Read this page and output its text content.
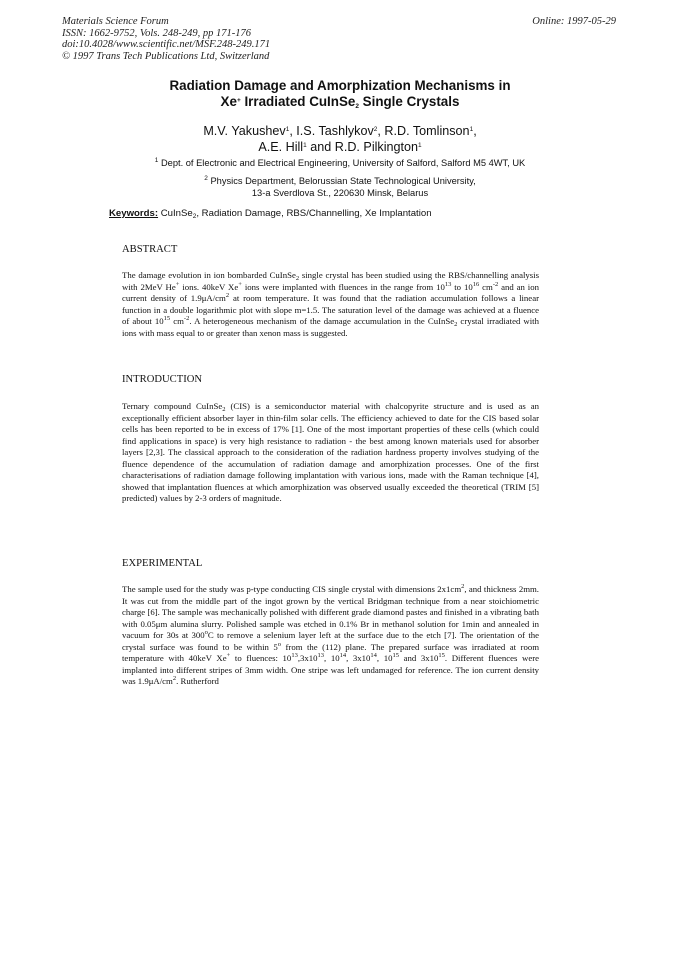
Materials Science Forum
ISSN: 1662-9752, Vols. 248-249, pp 171-176
doi:10.4028/www.scientific.net/MSF.248-249.171
© 1997 Trans Tech Publications Ltd, Switzerland
Online: 1997-05-29
Radiation Damage and Amorphization Mechanisms in
Xe+ Irradiated CuInSe$_2$ Single Crystals
M.V. Yakushev$^1$, I.S. Tashlykov$^2$, R.D. Tomlinson$^1$,
A.E. Hill$^1$ and R.D. Pilkington$^1$
$^1$ Dept. of Electronic and Electrical Engineering, University of Salford, Salford M5 4WT, UK
$^2$ Physics Department, Belorussian State Technological University,
13-a Sverdlova St., 220630 Minsk, Belarus
Keywords: CuInSe$_2$, Radiation Damage, RBS/Channelling, Xe Implantation
ABSTRACT
The damage evolution in ion bombarded CuInSe$_2$ single crystal has been studied using the RBS/channelling analysis with 2MeV He+ ions. 40keV Xe+ ions were implanted with fluences in the range from $10^{13}$ to $10^{16}$ $cm^{-2}$ and an ion current density of $1.9\mu A/cm^2$ at room temperature. It was found that the radiation accumulation follows a linear function in a double logarithmic plot with slope m=1.5. The saturation level of the damage was achieved at a fluence of about $10^{15}$ $cm^{-2}$. A heterogeneous mechanism of the damage accumulation in the CuInSe$_2$ crystal irradiated with ions with mass equal to or greater than xenon mass is suggested.
INTRODUCTION
Ternary compound CuInSe$_2$ (CIS) is a semiconductor material with chalcopyrite structure and is used as an exceptionally efficient absorber layer in thin-film solar cells. The efficiency achieved to date for the CIS based solar cells has been reported to be in excess of 17% [1]. One of the most important properties of these cells (which could find applications in space) is very high resistance to radiation - the best among known materials used for absorber layers [2,3]. The classical approach to the consideration of the radiation hardness property involves studying of the fluence dependence of the accumulation of radiation damage and amorphization processes. One of the first characterisations of radiation damage following implantation with various ions, made with the Raman technique [4], showed that implantation fluences at which amorphization was observed usually exceeded the theoretical (TRIM [5] predicted) values by 2-3 orders of magnitude.
EXPERIMENTAL
The sample used for the study was p-type conducting CIS single crystal with dimensions $2x1cm^2$, and thickness 2mm. It was cut from the middle part of the ingot grown by the vertical Bridgman technique from a near stoichiometric charge [6]. The sample was mechanically polished with different grade diamond pastes and finished in a vibrating bath with 0.05μm alumina slurry. Polished sample was etched in 0.1% Br in methanol solution for 1min and annealed in vacuum for 30s at 300$^o$C to remove a selenium layer left at the surface due to the etch [7]. The orientation of the crystal surface was found to be within 5$^o$ from the (112) plane. The prepared surface was irradiated at room temperature with 40keV Xe+ to fluences: $10^{13},3x10^{13}$, $10^{14}$, $3x10^{14}$, $10^{15}$ and $3x10^{15}$. Different fluences were implanted into different stripes of 3mm width. One stripe was left undamaged for reference. The ion current density was $1.9\mu A/cm^2$. Rutherford
